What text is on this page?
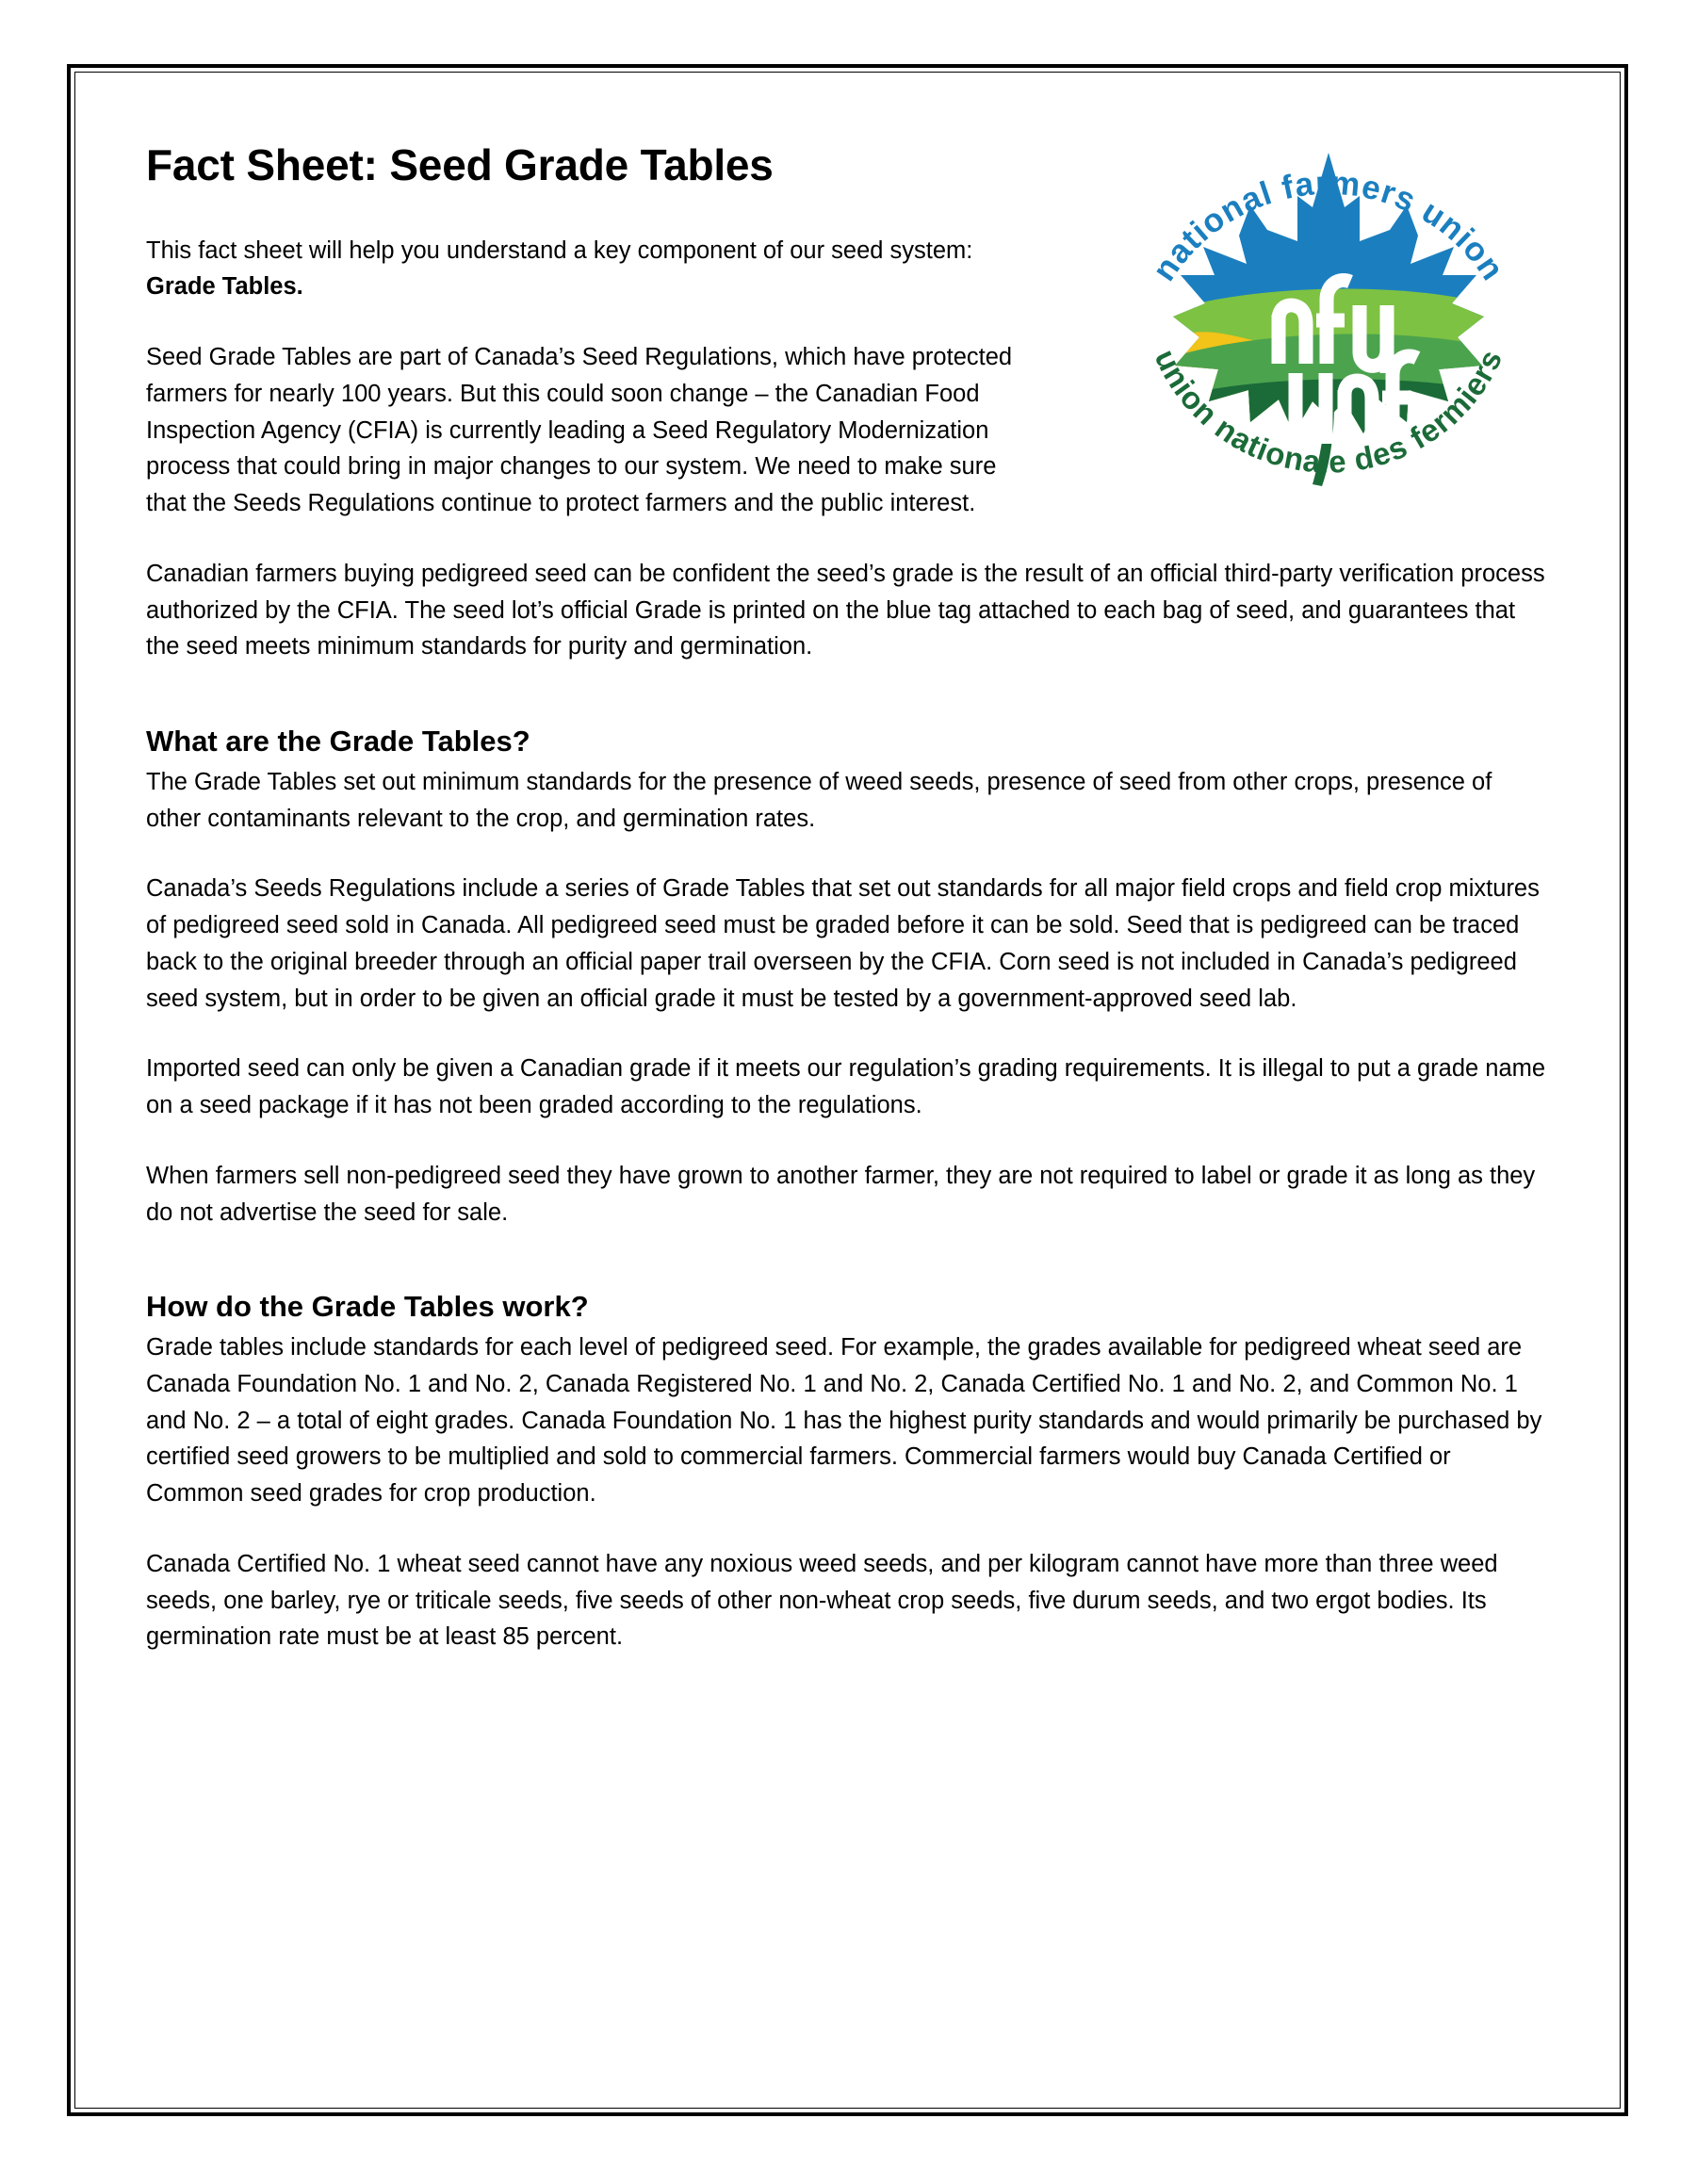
national farmers union
union nationale des fermiers
Fact Sheet: Seed Grade Tables

This fact sheet will help you understand a key component of our seed system: Grade Tables.

Seed Grade Tables are part of Canada’s Seed Regulations, which have protected farmers for nearly 100 years. But this could soon change – the Canadian Food Inspection Agency (CFIA) is currently leading a Seed Regulatory Modernization process that could bring in major changes to our system. We need to make sure that the Seeds Regulations continue to protect farmers and the public interest.

Canadian farmers buying pedigreed seed can be confident the seed’s grade is the result of an official third-party verification process authorized by the CFIA. The seed lot’s official Grade is printed on the blue tag attached to each bag of seed, and guarantees that the seed meets minimum standards for purity and germination.

What are the Grade Tables?

The Grade Tables set out minimum standards for the presence of weed seeds, presence of seed from other crops, presence of other contaminants relevant to the crop, and germination rates.

Canada’s Seeds Regulations include a series of Grade Tables that set out standards for all major field crops and field crop mixtures of pedigreed seed sold in Canada. All pedigreed seed must be graded before it can be sold. Seed that is pedigreed can be traced back to the original breeder through an official paper trail overseen by the CFIA. Corn seed is not included in Canada’s pedigreed seed system, but in order to be given an official grade it must be tested by a government-approved seed lab.

Imported seed can only be given a Canadian grade if it meets our regulation’s grading requirements. It is illegal to put a grade name on a seed package if it has not been graded according to the regulations.

When farmers sell non-pedigreed seed they have grown to another farmer, they are not required to label or grade it as long as they do not advertise the seed for sale.

How do the Grade Tables work?

Grade tables include standards for each level of pedigreed seed. For example, the grades available for pedigreed wheat seed are Canada Foundation No. 1 and No. 2, Canada Registered No. 1 and No. 2, Canada Certified No. 1 and No. 2, and Common No. 1 and No. 2 – a total of eight grades. Canada Foundation No. 1 has the highest purity standards and would primarily be purchased by certified seed growers to be multiplied and sold to commercial farmers. Commercial farmers would buy Canada Certified or Common seed grades for crop production.

Canada Certified No. 1 wheat seed cannot have any noxious weed seeds, and per kilogram cannot have more than three weed seeds, one barley, rye or triticale seeds, five seeds of other non-wheat crop seeds, five durum seeds, and two ergot bodies. Its germination rate must be at least 85 percent.
